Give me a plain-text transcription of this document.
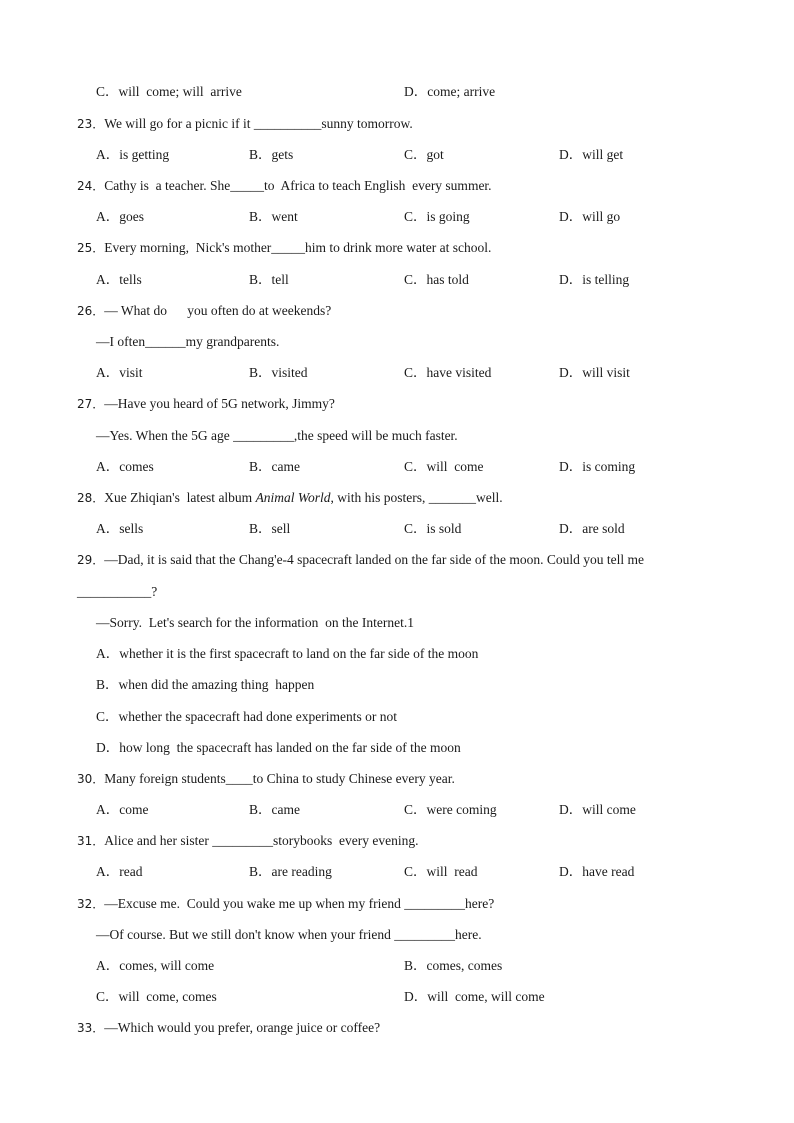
C．will  come; will  arrive	D．come; arrive
23．We will go for a picnic if it __________sunny tomorrow.
A．is getting	B．gets	C．got	D．will get
24．Cathy is  a teacher. She_____to  Africa to teach English  every summer.
A．goes	B．went	C．is going	D．will go
25．Every morning,  Nick's mother_____him to drink more water at school.
A．tells	B．tell	C．has told	D．is telling
26．— What do      you often do at weekends?
—I often______my grandparents.
A．visit	B．visited	C．have visited	D．will visit
27．—Have you heard of 5G network, Jimmy?
—Yes. When the 5G age _________,the speed will be much faster.
A．comes	B．came	C．will  come	D．is coming
28．Xue Zhiqian's  latest album Animal World, with his posters, _______well.
A．sells	B．sell	C．is sold	D．are sold
29．—Dad, it is said that the Chang'e-4 spacecraft landed on the far side of the moon. Could you tell me
___________?
—Sorry.  Let's search for the information  on the Internet.1
A．whether it is the first spacecraft to land on the far side of the moon
B．when did the amazing thing  happen
C．whether the spacecraft had done experiments or not
D．how long  the spacecraft has landed on the far side of the moon
30．Many foreign students____to China to study Chinese every year.
A．come	B．came	C．were coming	D．will come
31．Alice and her sister _________storybooks  every evening.
A．read	B．are reading	C．will  read	D．have read
32．—Excuse me.  Could you wake me up when my friend _________here?
—Of course. But we still don't know when your friend _________here.
A．comes, will come	B．comes, comes
C．will  come, comes	D．will  come, will come
33．—Which would you prefer, orange juice or coffee?
